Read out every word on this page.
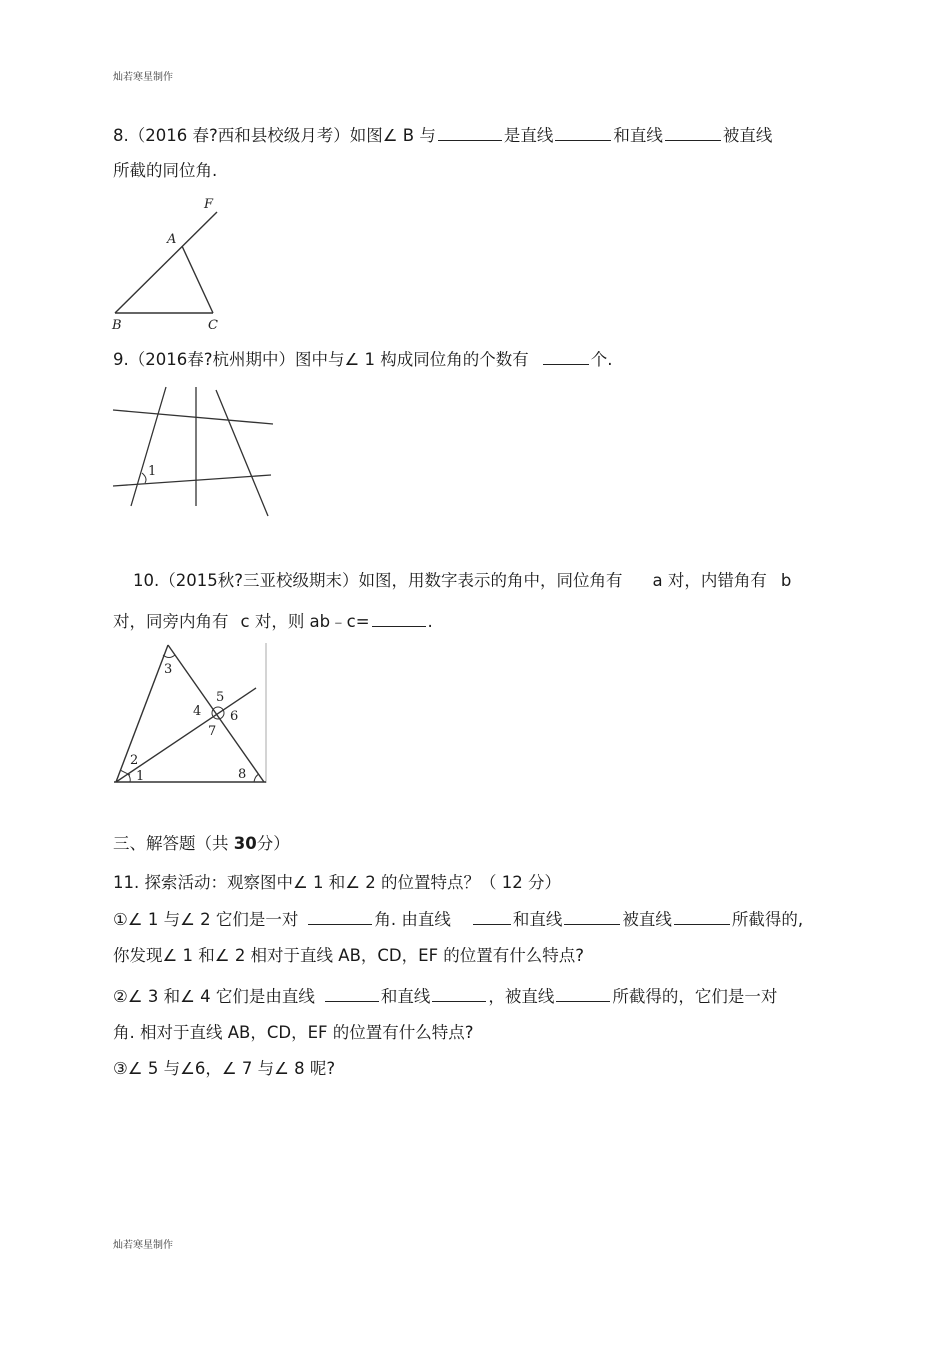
灿若寒星制作
8.（2016 春?西和县校级月考）如图∠ B 与	是直线	和直线	被直线
所截的同位角.
F
A
B	C
9.（2016春?杭州期中）图中与∠ 1 构成同位角的个数有	个.
1
10.（2015秋?三亚校级期末）如图，用数字表示的角中，同位角有 a 对，内错角有 b
对，同旁内角有 c 对，则 ab﹣c=	.
3
5
4 6
7
2
1	8
三、解答题（共 30分）
11. 探索活动：观察图中∠ 1 和∠ 2 的位置特点？（ 12 分）
①∠ 1 与∠ 2 它们是一对	角. 由直线	和直线	被直线	所截得的,
你发现∠ 1 和∠ 2 相对于直线 AB，CD，EF 的位置有什么特点?
②∠ 3 和∠ 4 它们是由直线	和直线	，被直线	所截得的，它们是一对
角. 相对于直线 AB，CD，EF 的位置有什么特点?
③∠ 5 与∠6，∠ 7 与∠ 8 呢?
灿若寒星制作
